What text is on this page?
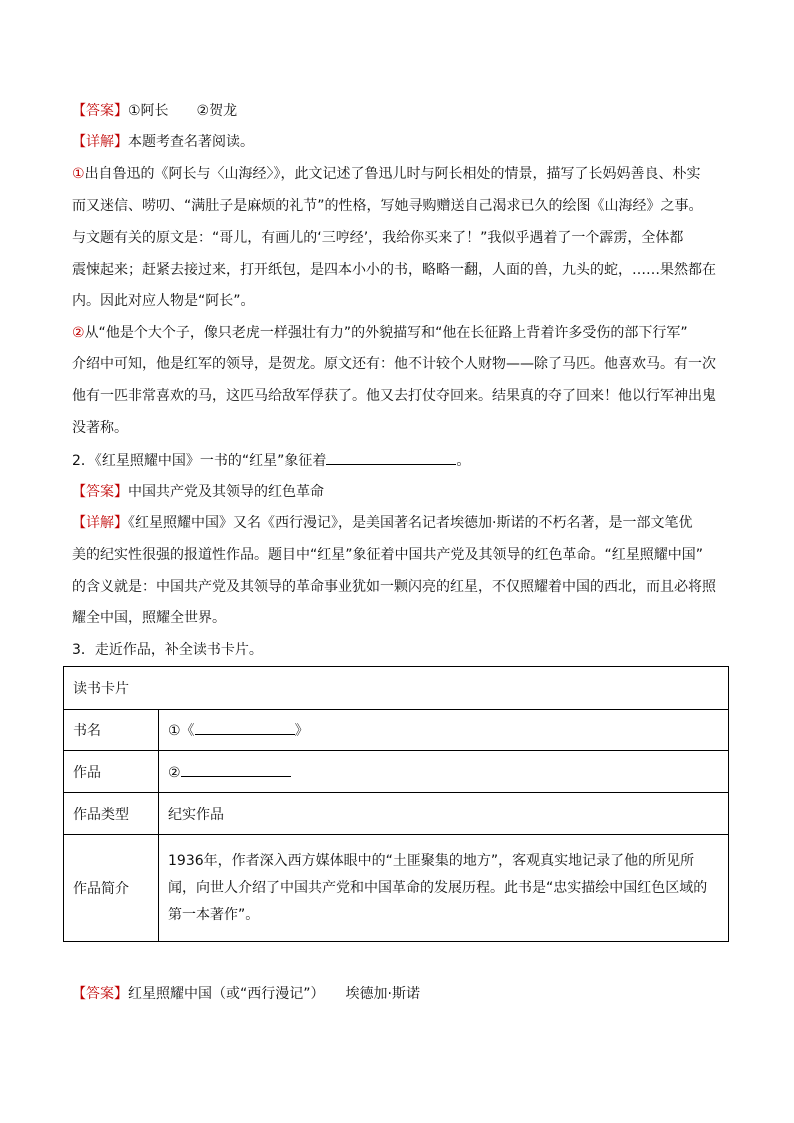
【答案】①阿长　　②贺龙
【详解】本题考查名著阅读。
①出自鲁迅的《阿长与〈山海经〉》，此文记述了鲁迅儿时与阿长相处的情景，描写了长妈妈善良、朴实
而又迷信、唠叨、“满肚子是麻烦的礼节”的性格，写她寻购赠送自己渴求已久的绘图《山海经》之事。
与文题有关的原文是：“哥儿，有画儿的‘三哼经’，我给你买来了！”我似乎遇着了一个霹雳，全体都
震悚起来；赶紧去接过来，打开纸包，是四本小小的书，略略一翻，人面的兽，九头的蛇，……果然都在
内。因此对应人物是“阿长”。
②从“他是个大个子，像只老虎一样强壮有力”的外貌描写和“他在长征路上背着许多受伤的部下行军”
介绍中可知，他是红军的领导，是贺龙。原文还有：他不计较个人财物——除了马匹。他喜欢马。有一次
他有一匹非常喜欢的马，这匹马给敌军俘获了。他又去打仗夺回来。结果真的夺了回来！他以行军神出鬼
没著称。
2．《红星照耀中国》一书的“红星”象征着	。
【答案】中国共产党及其领导的红色革命
【详解】《红星照耀中国》又名《西行漫记》，是美国著名记者埃德加·斯诺的不朽名著，是一部文笔优
美的纪实性很强的报道性作品。题目中“红星”象征着中国共产党及其领导的红色革命。“红星照耀中国”
的含义就是：中国共产党及其领导的革命事业犹如一颗闪亮的红星，不仅照耀着中国的西北，而且必将照
耀全中国，照耀全世界。
3．走近作品，补全读书卡片。
读书卡片	
书名	①《 》
作品	②
作品类型	纪实作品
作品简介	1936年，作者深入西方媒体眼中的“土匪聚集的地方”，客观真实地记录了他的所见所闻，向世人介绍了中国共产党和中国革命的发展历程。此书是“忠实描绘中国红色区域的第一本著作”。
【答案】红星照耀中国（或“西行漫记”）　　埃德加·斯诺
